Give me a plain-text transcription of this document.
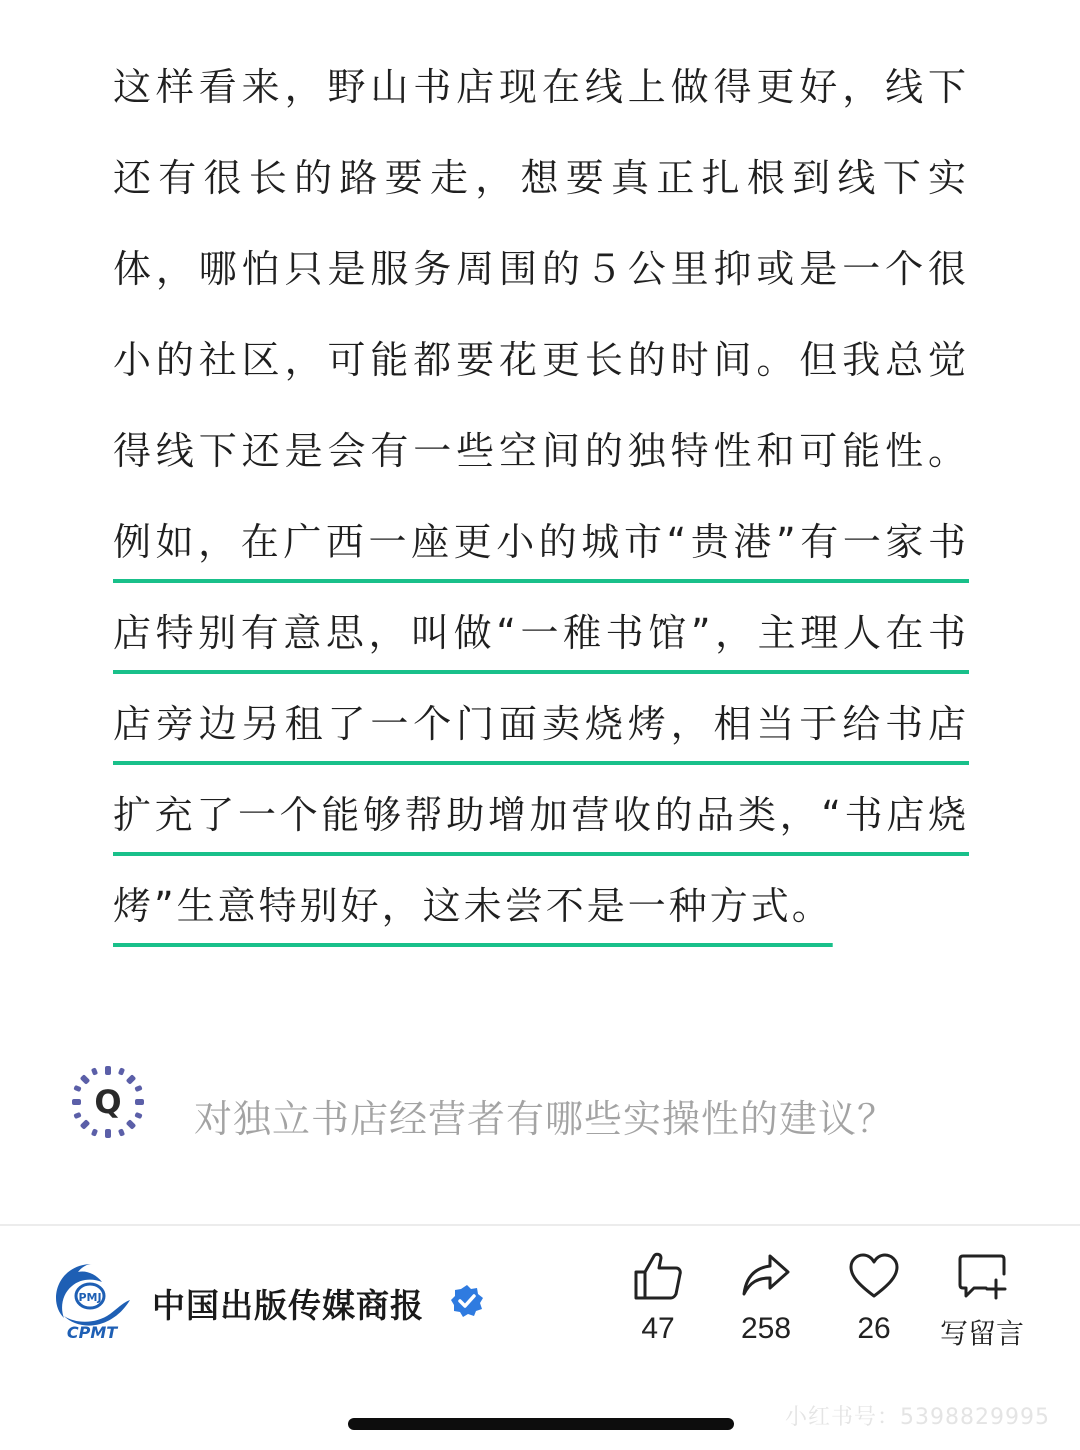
这样看来，野山书店现在线上做得更好，线下还有很长的路要走，想要真正扎根到线下实体，哪怕只是服务周围的５公里抑或是一个很小的社区，可能都要花更长的时间。但我总觉得线下还是会有一些空间的独特性和可能性。例如，在广西一座更小的城市“贵港”有一家书店特别有意思，叫做“一稚书馆”，主理人在书店旁边另租了一个门面卖烧烤，相当于给书店扩充了一个能够帮助增加营收的品类，“书店烧烤”生意特别好，这未尝不是一种方式。
Q 对独立书店经营者有哪些实操性的建议？
PMJ
CPMT
中国出版传媒商报
47	258	26	写留言
小红书号：5398829995
